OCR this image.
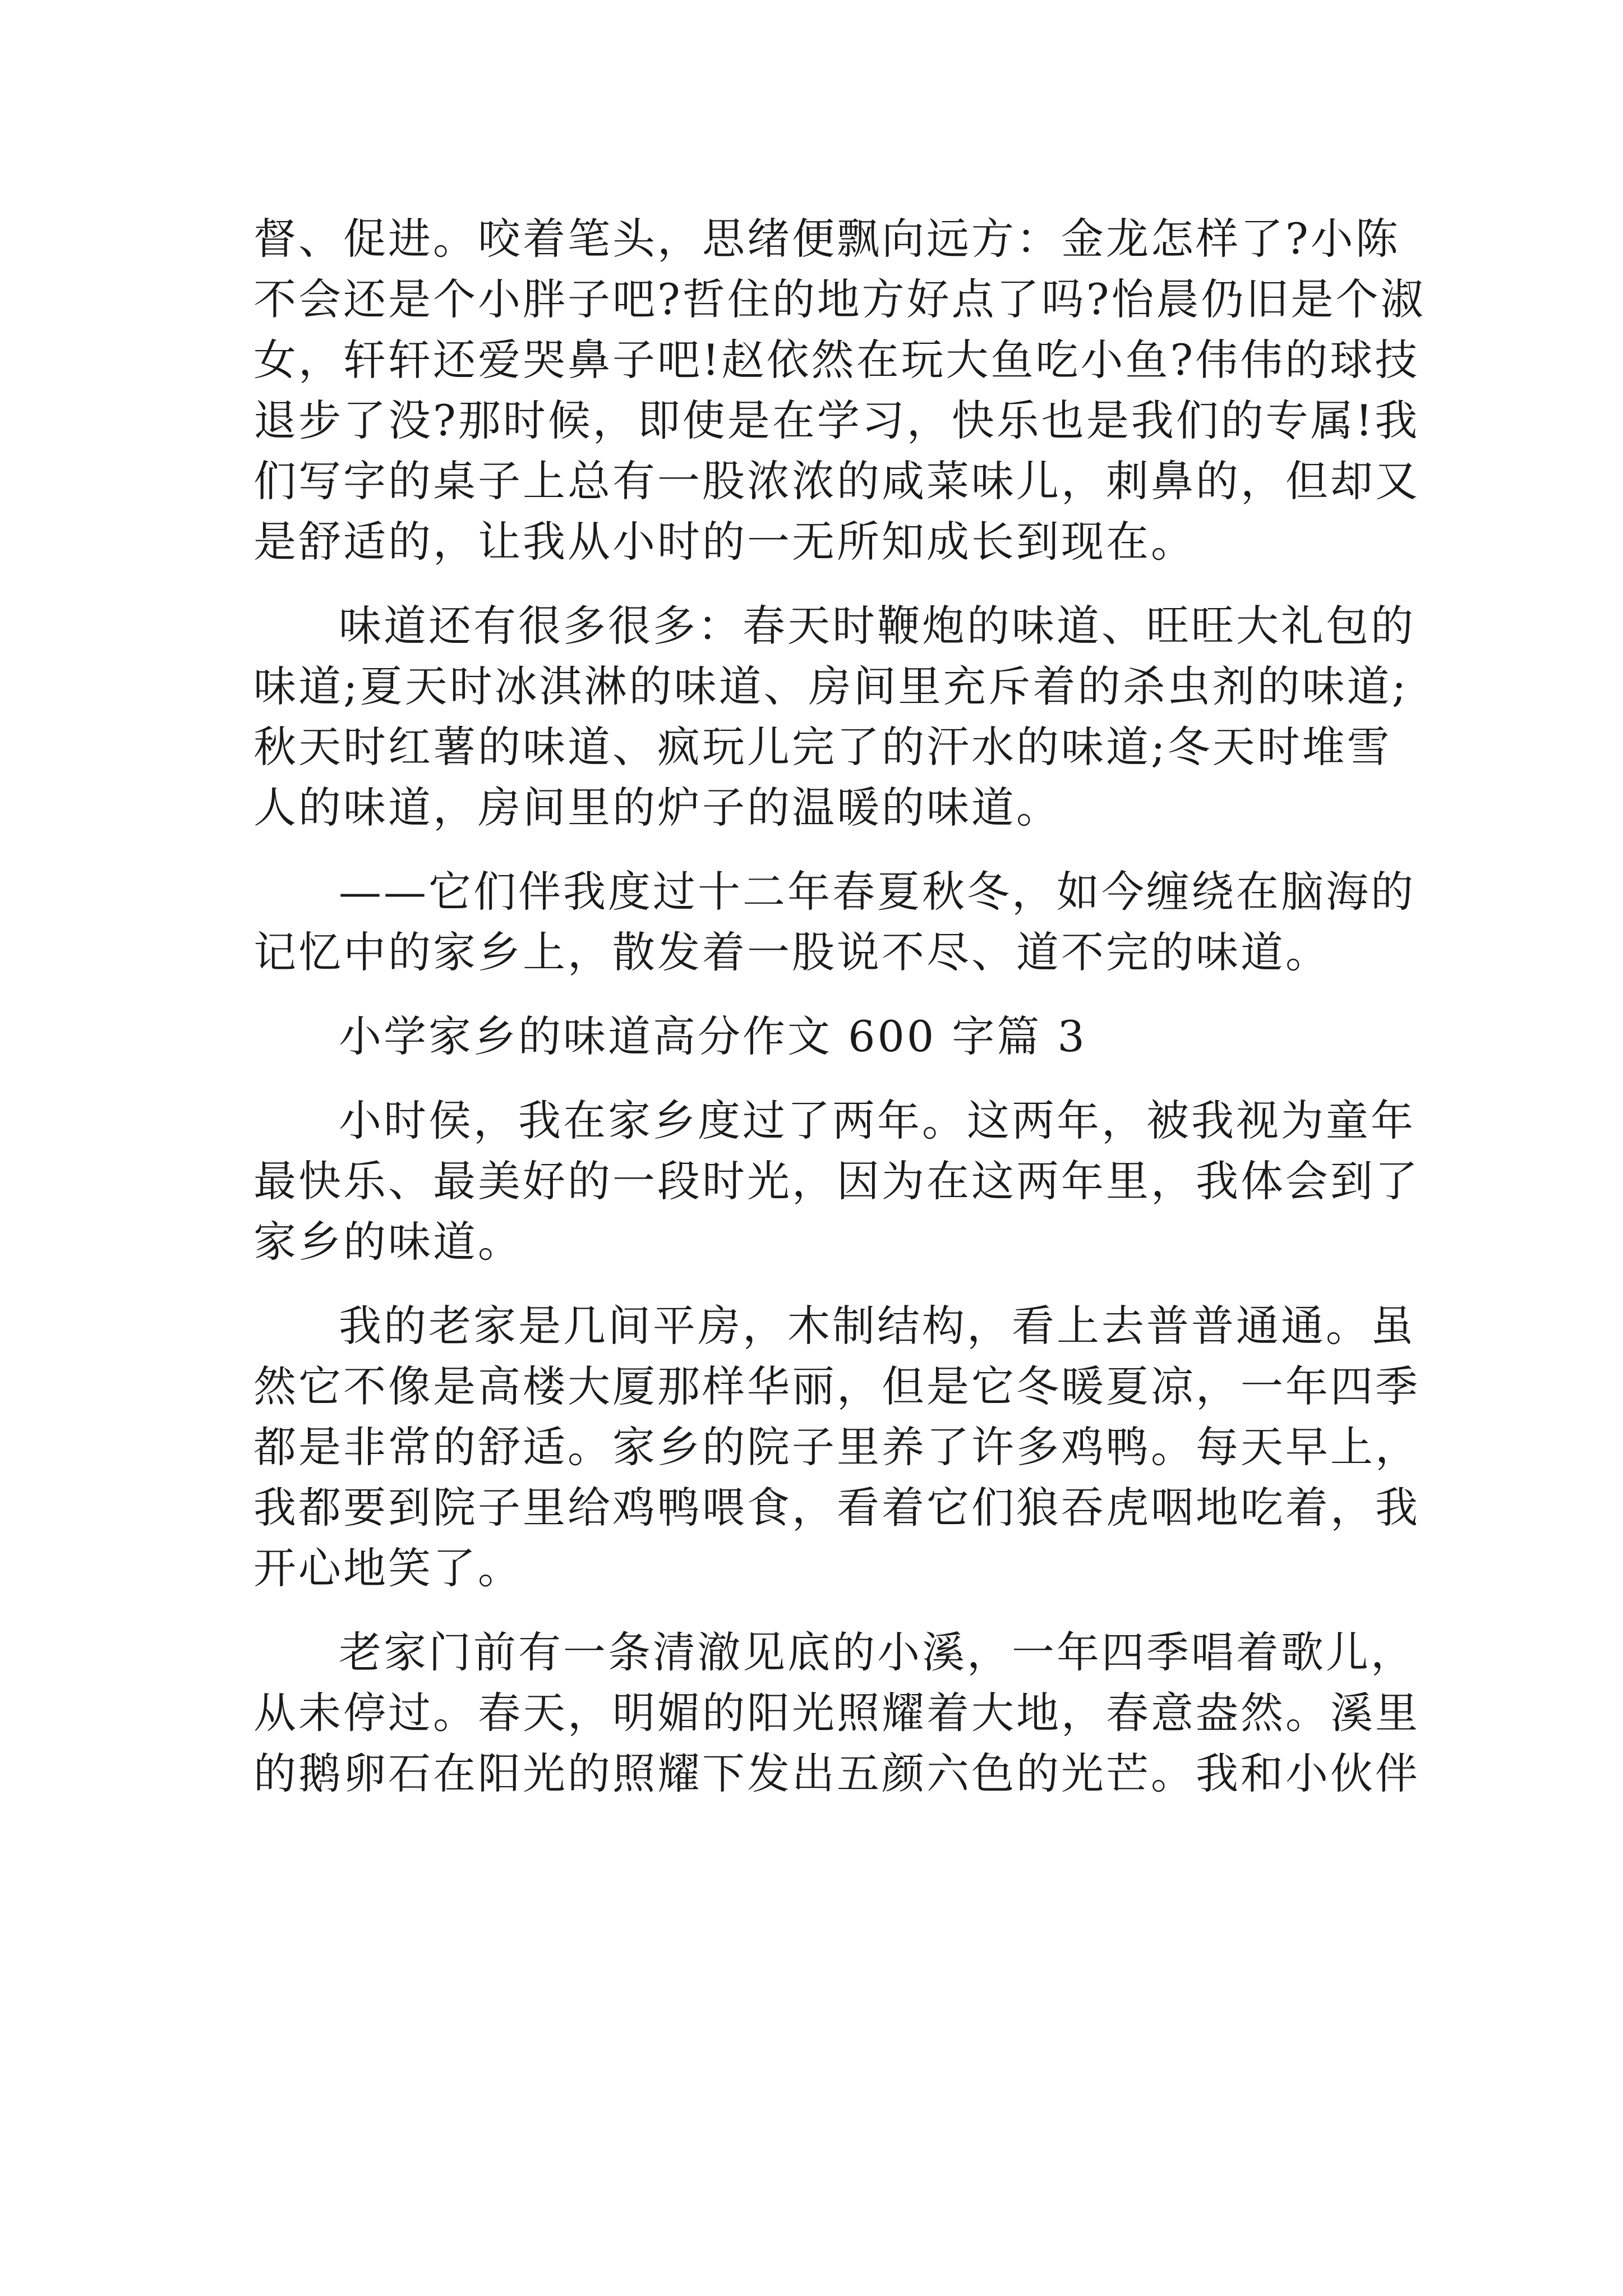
督、促进。咬着笔头，思绪便飘向远方：金龙怎样了?小陈
不会还是个小胖子吧?哲住的地方好点了吗?怡晨仍旧是个淑
女，轩轩还爱哭鼻子吧!赵依然在玩大鱼吃小鱼?伟伟的球技
退步了没?那时候，即使是在学习，快乐也是我们的专属!我
们写字的桌子上总有一股浓浓的咸菜味儿，刺鼻的，但却又
是舒适的，让我从小时的一无所知成长到现在。
味道还有很多很多：春天时鞭炮的味道、旺旺大礼包的
味道;夏天时冰淇淋的味道、房间里充斥着的杀虫剂的味道;
秋天时红薯的味道、疯玩儿完了的汗水的味道;冬天时堆雪
人的味道，房间里的炉子的温暖的味道。
——它们伴我度过十二年春夏秋冬，如今缠绕在脑海的
记忆中的家乡上，散发着一股说不尽、道不完的味道。
小学家乡的味道高分作文 600 字篇 3
小时侯，我在家乡度过了两年。这两年，被我视为童年
最快乐、最美好的一段时光，因为在这两年里，我体会到了
家乡的味道。
我的老家是几间平房，木制结构，看上去普普通通。虽
然它不像是高楼大厦那样华丽，但是它冬暖夏凉，一年四季
都是非常的舒适。家乡的院子里养了许多鸡鸭。每天早上，
我都要到院子里给鸡鸭喂食，看着它们狼吞虎咽地吃着，我
开心地笑了。
老家门前有一条清澈见底的小溪，一年四季唱着歌儿，
从未停过。春天，明媚的阳光照耀着大地，春意盎然。溪里
的鹅卵石在阳光的照耀下发出五颜六色的光芒。我和小伙伴
